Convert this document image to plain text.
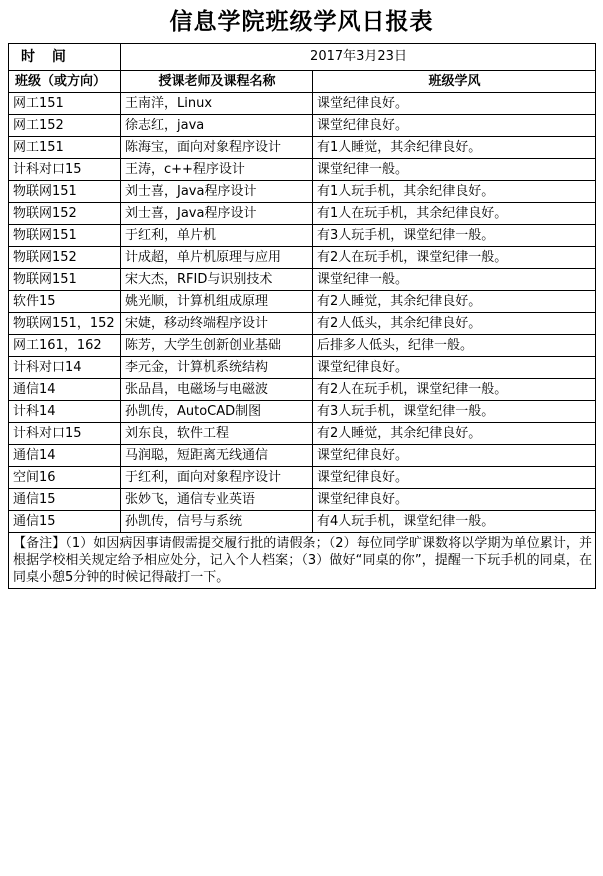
信息学院班级学风日报表
时 间	2017年3月23日	
班级（或方向）	授课老师及课程名称	班级学风
网工151	王南洋，Linux	课堂纪律良好。
网工152	徐志红，java	课堂纪律良好。
网工151	陈海宝，面向对象程序设计	有1人睡觉，其余纪律良好。
计科对口15	王涛，c++程序设计	课堂纪律一般。
物联网151	刘士喜，Java程序设计	有1人玩手机，其余纪律良好。
物联网152	刘士喜，Java程序设计	有1人在玩手机，其余纪律良好。
物联网151	于红利，单片机	有3人玩手机，课堂纪律一般。
物联网152	计成超，单片机原理与应用	有2人在玩手机，课堂纪律一般。
物联网151	宋大杰，RFID与识别技术	课堂纪律一般。
软件15	姚光顺，计算机组成原理	有2人睡觉，其余纪律良好。
物联网151，152	宋婕，移动终端程序设计	有2人低头，其余纪律良好。
网工161，162	陈芳，大学生创新创业基础	后排多人低头，纪律一般。
计科对口14	李元金，计算机系统结构	课堂纪律良好。
通信14	张品昌，电磁场与电磁波	有2人在玩手机，课堂纪律一般。
计科14	孙凯传，AutoCAD制图	有3人玩手机，课堂纪律一般。
计科对口15	刘东良，软件工程	有2人睡觉，其余纪律良好。
通信14	马润聪，短距离无线通信	课堂纪律良好。
空间16	于红利，面向对象程序设计	课堂纪律良好。
通信15	张妙飞，通信专业英语	课堂纪律良好。
通信15	孙凯传，信号与系统	有4人玩手机，课堂纪律一般。
【备注】（1）如因病因事请假需提交履行批的请假条；（2）每位同学旷课数将以学期为单位累计，并根据学校相关规定给予相应处分，记入个人档案；（3）做好“同桌的你”，提醒一下玩手机的同桌，在同桌小憩5分钟的时候记得敲打一下。		
